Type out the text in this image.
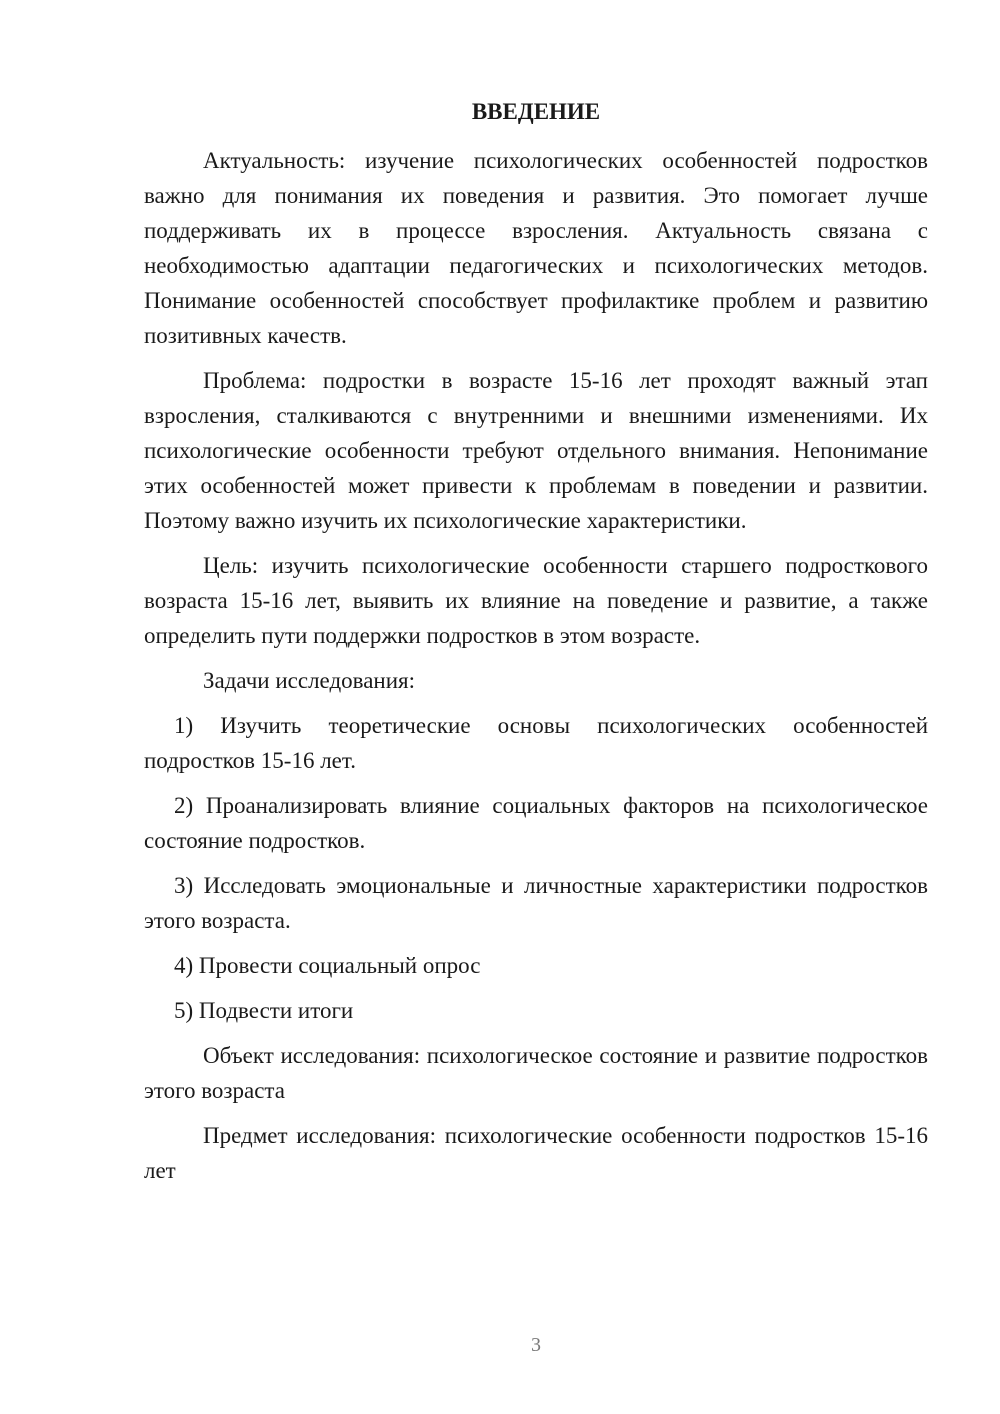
ВВЕДЕНИЕ

Актуальность: изучение психологических особенностей подростков важно для понимания их поведения и развития. Это помогает лучше поддерживать их в процессе взросления. Актуальность связана с необходимостью адаптации педагогических и психологических методов. Понимание особенностей способствует профилактике проблем и развитию позитивных качеств.

Проблема: подростки в возрасте 15-16 лет проходят важный этап взросления, сталкиваются с внутренними и внешними изменениями. Их психологические особенности требуют отдельного внимания. Непонимание этих особенностей может привести к проблемам в поведении и развитии. Поэтому важно изучить их психологические характеристики.

Цель: изучить психологические особенности старшего подросткового возраста 15-16 лет, выявить их влияние на поведение и развитие, а также определить пути поддержки подростков в этом возрасте.

Задачи исследования:

1) Изучить теоретические основы психологических особенностей подростков 15-16 лет.

2) Проанализировать влияние социальных факторов на психологическое состояние подростков.

3) Исследовать эмоциональные и личностные характеристики подростков этого возраста.

4) Провести социальный опрос

5) Подвести итоги

Объект исследования: психологическое состояние и развитие подростков этого возраста

Предмет исследования: психологические особенности подростков 15-16 лет

3
